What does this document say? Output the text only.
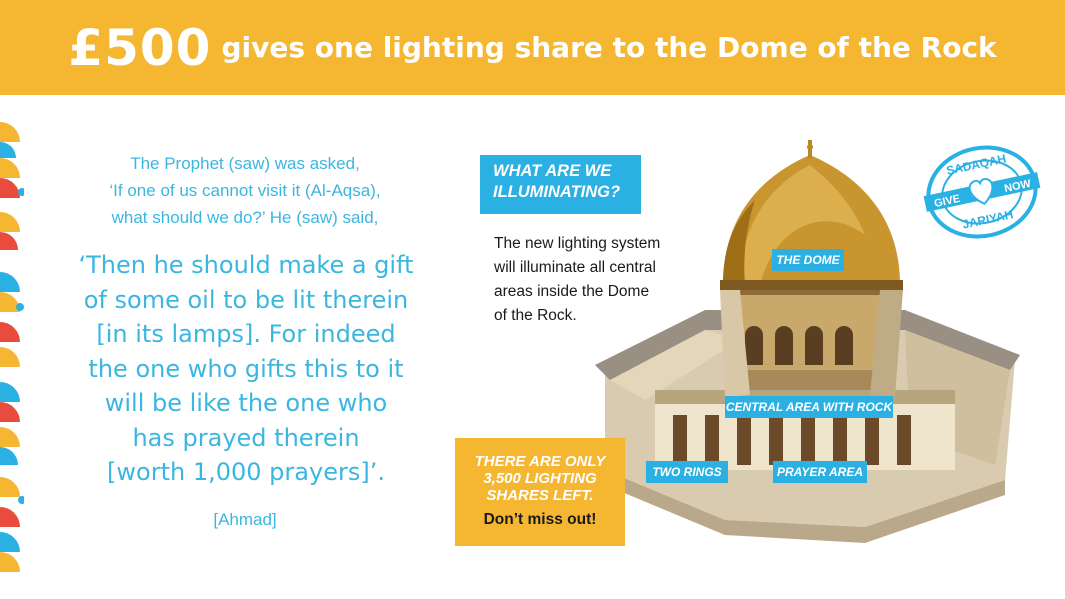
£500 gives one lighting share to the Dome of the Rock
The Prophet (saw) was asked,
‘If one of us cannot visit it (Al-Aqsa),
what should we do?’ He (saw) said,
‘Then he should make a gift
of some oil to be lit therein
[in its lamps]. For indeed
the one who gifts this to it
will be like the one who
has prayed therein
[worth 1,000 prayers]’.
[Ahmad]
WHAT ARE WE
ILLUMINATING?
The new lighting system
will illuminate all central
areas inside the Dome
of the Rock.
THE DOME
CENTRAL AREA WITH ROCK
TWO RINGS	PRAYER AREA
THERE ARE ONLY
3,500 LIGHTING
SHARES LEFT.
Don’t miss out!
SADAQAH
GIVE
NOW
JARIYAH
